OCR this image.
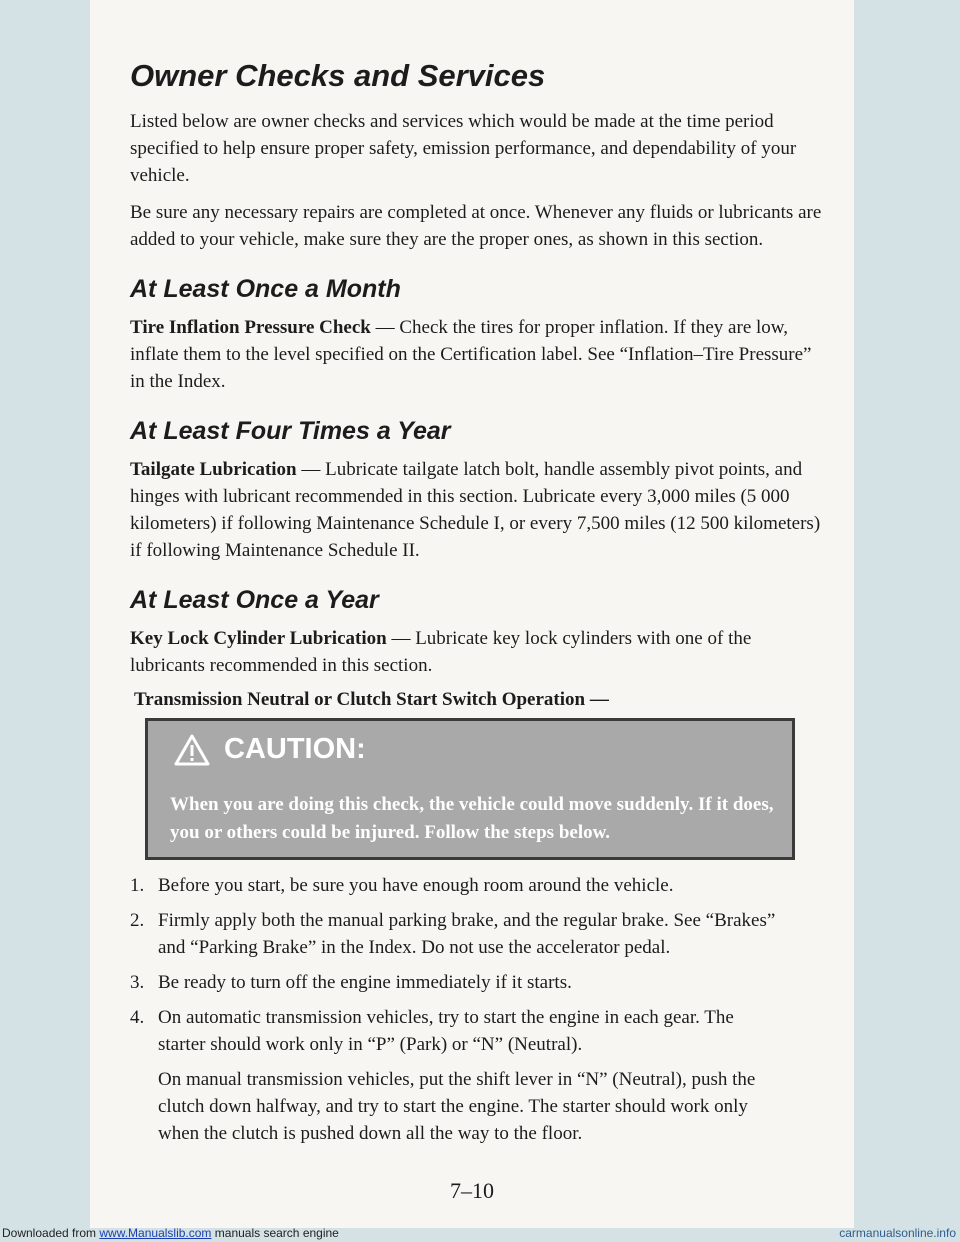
Owner Checks and Services

Listed below are owner checks and services which would be made at the time period specified to help ensure proper safety, emission performance, and dependability of your vehicle.

Be sure any necessary repairs are completed at once. Whenever any fluids or lubricants are added to your vehicle, make sure they are the proper ones, as shown in this section.

At Least Once a Month

Tire Inflation Pressure Check — Check the tires for proper inflation. If they are low, inflate them to the level specified on the Certification label. See “Inflation–Tire Pressure” in the Index.

At Least Four Times a Year

Tailgate Lubrication — Lubricate tailgate latch bolt, handle assembly pivot points, and hinges with lubricant recommended in this section. Lubricate every 3,000 miles (5 000 kilometers) if following Maintenance Schedule I, or every 7,500 miles (12 500 kilometers) if following Maintenance Schedule II.

At Least Once a Year

Key Lock Cylinder Lubrication — Lubricate key lock cylinders with one of the lubricants recommended in this section.

Transmission Neutral or Clutch Start Switch Operation —
7–10
CAUTION:
When you are doing this check, the vehicle could move suddenly. If it does, you or others could be injured. Follow the steps below.
1. Before you start, be sure you have enough room around the vehicle.
2. Firmly apply both the manual parking brake, and the regular brake. See “Brakes” and “Parking Brake” in the Index. Do not use the accelerator pedal.
3. Be ready to turn off the engine immediately if it starts.
4. On automatic transmission vehicles, try to start the engine in each gear. The starter should work only in “P” (Park) or “N” (Neutral).
On manual transmission vehicles, put the shift lever in “N” (Neutral), push the clutch down halfway, and try to start the engine. The starter should work only when the clutch is pushed down all the way to the floor.
Downloaded from www.Manualslib.com manuals search engine	carmanualsonline.info
